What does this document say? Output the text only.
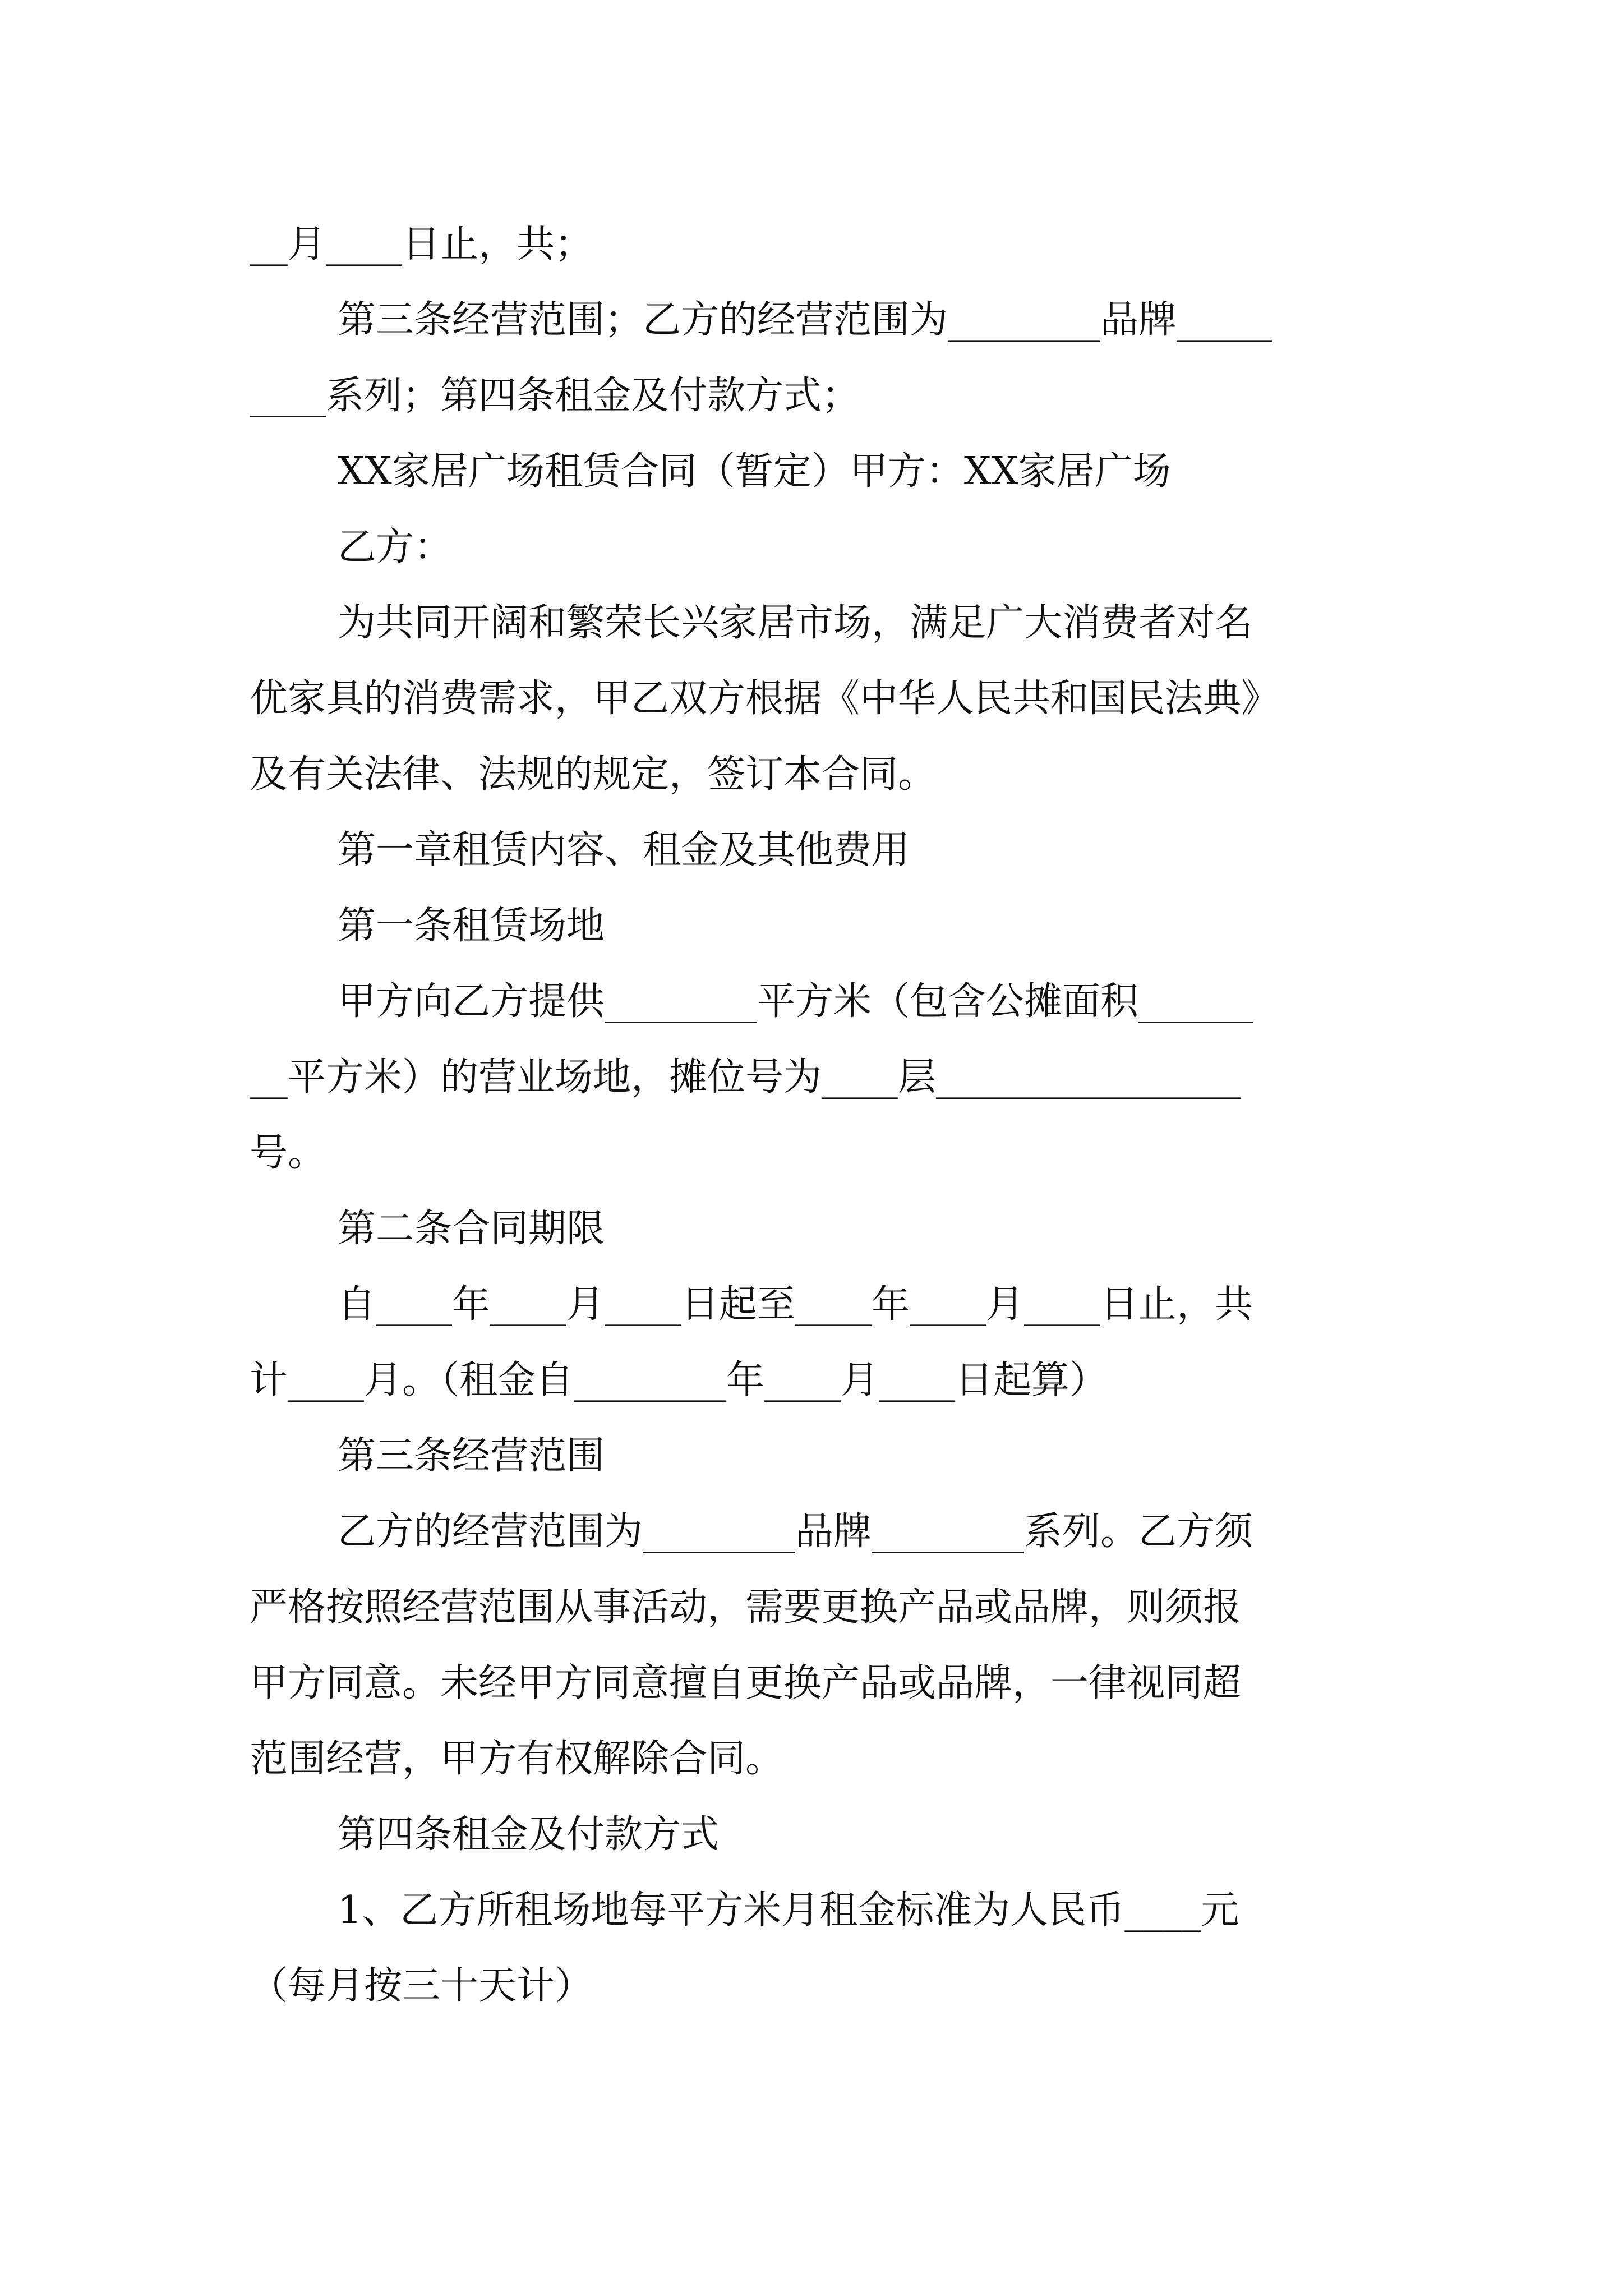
__月____日止，共；

第三条经营范围；乙方的经营范围为________品牌_____

____系列；第四条租金及付款方式；

XX家居广场租赁合同（暂定）甲方：XX家居广场

乙方：

为共同开阔和繁荣长兴家居市场，满足广大消费者对名

优家具的消费需求，甲乙双方根据《中华人民共和国民法典》

及有关法律、法规的规定，签订本合同。

第一章租赁内容、租金及其他费用

第一条租赁场地

甲方向乙方提供________平方米（包含公摊面积______

__平方米）的营业场地，摊位号为____层________________

号。

第二条合同期限

自____年____月____日起至____年____月____日止，共

计____月。（租金自________年____月____日起算）

第三条经营范围

乙方的经营范围为________品牌________系列。乙方须

严格按照经营范围从事活动，需要更换产品或品牌，则须报

甲方同意。未经甲方同意擅自更换产品或品牌，一律视同超

范围经营，甲方有权解除合同。

第四条租金及付款方式

1、乙方所租场地每平方米月租金标准为人民币____元

（每月按三十天计）
